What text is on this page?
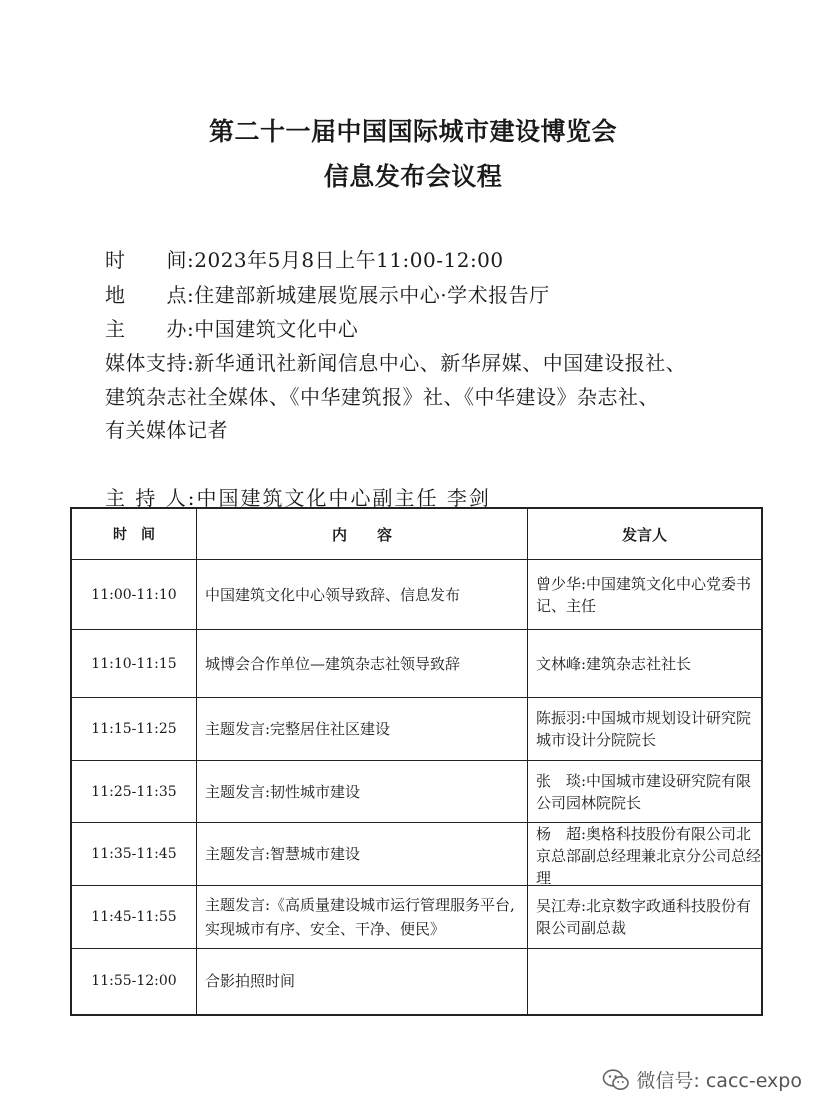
第二十一届中国国际城市建设博览会
信息发布会议程
时　　间:2023年5月8日上午11:00-12:00
地　　点:住建部新城建展览展示中心·学术报告厅
主　　办:中国建筑文化中心
媒体支持:新华通讯社新闻信息中心、新华屏媒、中国建设报社、
建筑杂志社全媒体、《中华建筑报》社、《中华建设》杂志社、
有关媒体记者
主 持 人:中国建筑文化中心副主任 李剑
时　间	内　　容	发言人
11:00-11:10	中国建筑文化中心领导致辞、信息发布	曾少华:中国建筑文化中心党委书记、主任

11:10-11:15	城博会合作单位—建筑杂志社领导致辞	文林峰:建筑杂志社社长

11:15-11:25	主题发言:完整居住社区建设	陈振羽:中国城市规划设计研究院城市设计分院院长

11:25-11:35	主题发言:韧性城市建设	张　琰:中国城市建设研究院有限公司园林院院长

11:35-11:45	主题发言:智慧城市建设	杨　超:奥格科技股份有限公司北京总部副总经理兼北京分公司总经理

11:45-11:55	主题发言:《高质量建设城市运行管理服务平台,实现城市有序、安全、干净、便民》	吴江寿:北京数字政通科技股份有限公司副总裁

11:55-12:00	合影拍照时间	

微信号: cacc-expo
